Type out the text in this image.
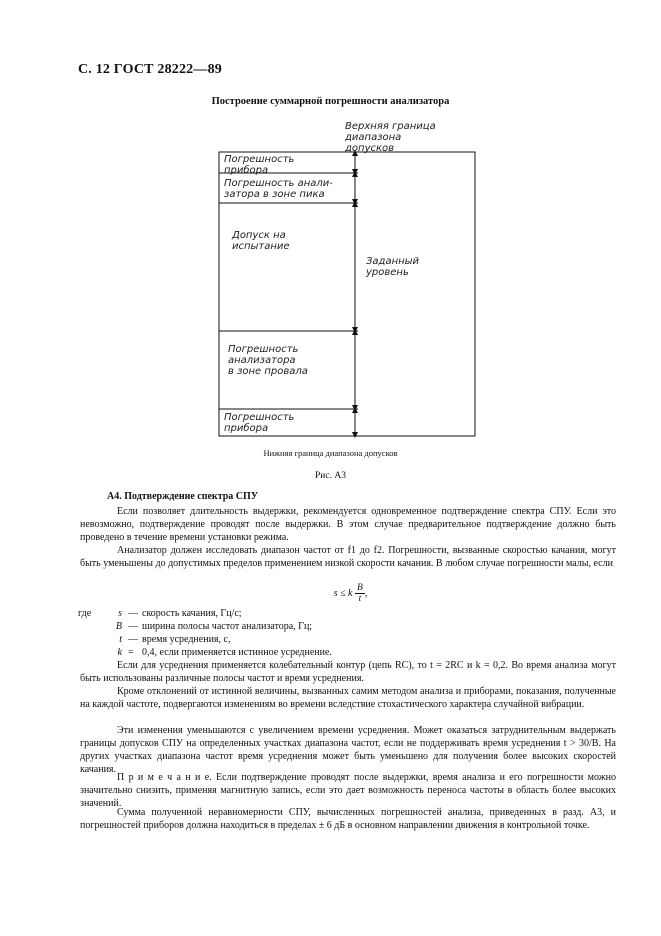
С. 12 ГОСТ 28222—89
Построение суммарной погрешности анализатора
Верхняя граница
диапазона
допусков
Погрешность
прибора
Погрешность анали-
затора в зоне пика
Допуск на
испытание
Погрешность
анализатора
в зоне провала
Погрешность
прибора
Заданный
уровень
Нижняя граница диапазона допусков
Рис. А3
А4. Подтверждение спектра СПУ
Если позволяет длительность выдержки, рекомендуется одновременное подтверждение спектра СПУ. Если это невозможно, подтверждение проводят после выдержки. В этом случае предварительное подтверждение должно быть проведено в течение времени установки режима.
Анализатор должен исследовать диапазон частот от f1 до f2. Погрешности, вызванные скоростью качания, могут быть уменьшены до допустимых пределов применением низкой скорости качания. В любом случае погрешности малы, если
s ≤ k $\frac{B}{t}$ ,
где	s — скорость качания, Гц/с;
B — ширина полосы частот анализатора, Гц;
t — время усреднения, с,
k = 0,4, если применяется истинное усреднение.
Если для усреднения применяется колебательный контур (цепь RC), то t = 2RC и k = 0,2. Во время анализа могут быть использованы различные полосы частот и время усреднения.
Кроме отклонений от истинной величины, вызванных самим методом анализа и приборами, показания, полученные на каждой частоте, подвергаются изменениям во времени вследствие стохастического характера случайной вибрации.
Эти изменения уменьшаются с увеличением времени усреднения. Может оказаться затруднительным выдержать границы допусков СПУ на определенных участках диапазона частот, если не поддерживать время усреднения t > 30/B. На других участках диапазона частот время усреднения может быть уменьшено для получения более высоких скоростей качания.
П р и м е ч а н и е. Если подтверждение проводят после выдержки, время анализа и его погрешности можно значительно снизить, применяя магнитную запись, если это дает возможность переноса частоты в область более высоких значений.
Сумма полученной неравномерности СПУ, вычисленных погрешностей анализа, приведенных в разд. А3, и погрешностей приборов должна находиться в пределах ± 6 дБ в основном направлении движения в контрольной точке.
